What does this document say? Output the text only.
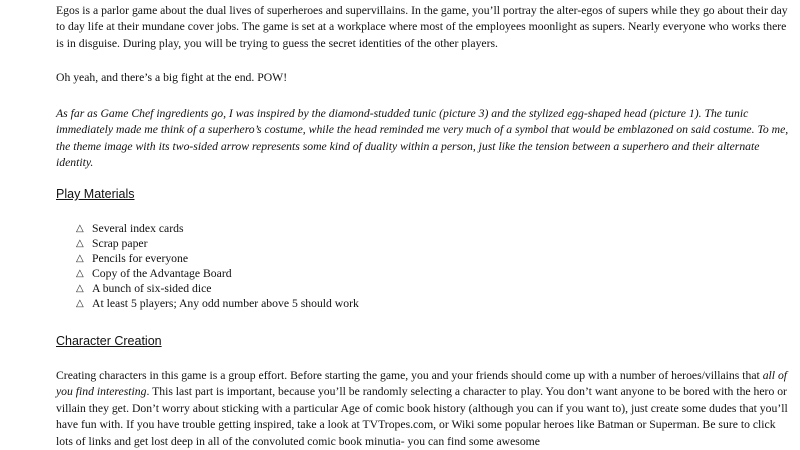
Egos is a parlor game about the dual lives of superheroes and supervillains. In the game, you’ll portray the alter-egos of supers while they go about their day to day life at their mundane cover jobs. The game is set at a workplace where most of the employees moonlight as supers. Nearly everyone who works there is in disguise. During play, you will be trying to guess the secret identities of the other players.

Oh yeah, and there’s a big fight at the end. POW!

As far as Game Chef ingredients go, I was inspired by the diamond-studded tunic (picture 3) and the stylized egg-shaped head (picture 1). The tunic immediately made me think of a superhero’s costume, while the head reminded me very much of a symbol that would be emblazoned on said costume. To me, the theme image with its two-sided arrow represents some kind of duality within a person, just like the tension between a superhero and their alternate identity.

Play Materials
△ Several index cards
△ Scrap paper
△ Pencils for everyone
△ Copy of the Advantage Board
△ A bunch of six-sided dice
△ At least 5 players; Any odd number above 5 should work
Character Creation

Creating characters in this game is a group effort. Before starting the game, you and your friends should come up with a number of heroes/villains that all of you find interesting. This last part is important, because you’ll be randomly selecting a character to play. You don’t want anyone to be bored with the hero or villain they get. Don’t worry about sticking with a particular Age of comic book history (although you can if you want to), just create some dudes that you’ll have fun with. If you have trouble getting inspired, take a look at TVTropes.com, or Wiki some popular heroes like Batman or Superman. Be sure to click lots of links and get lost deep in all of the convoluted comic book minutia- you can find some awesome
